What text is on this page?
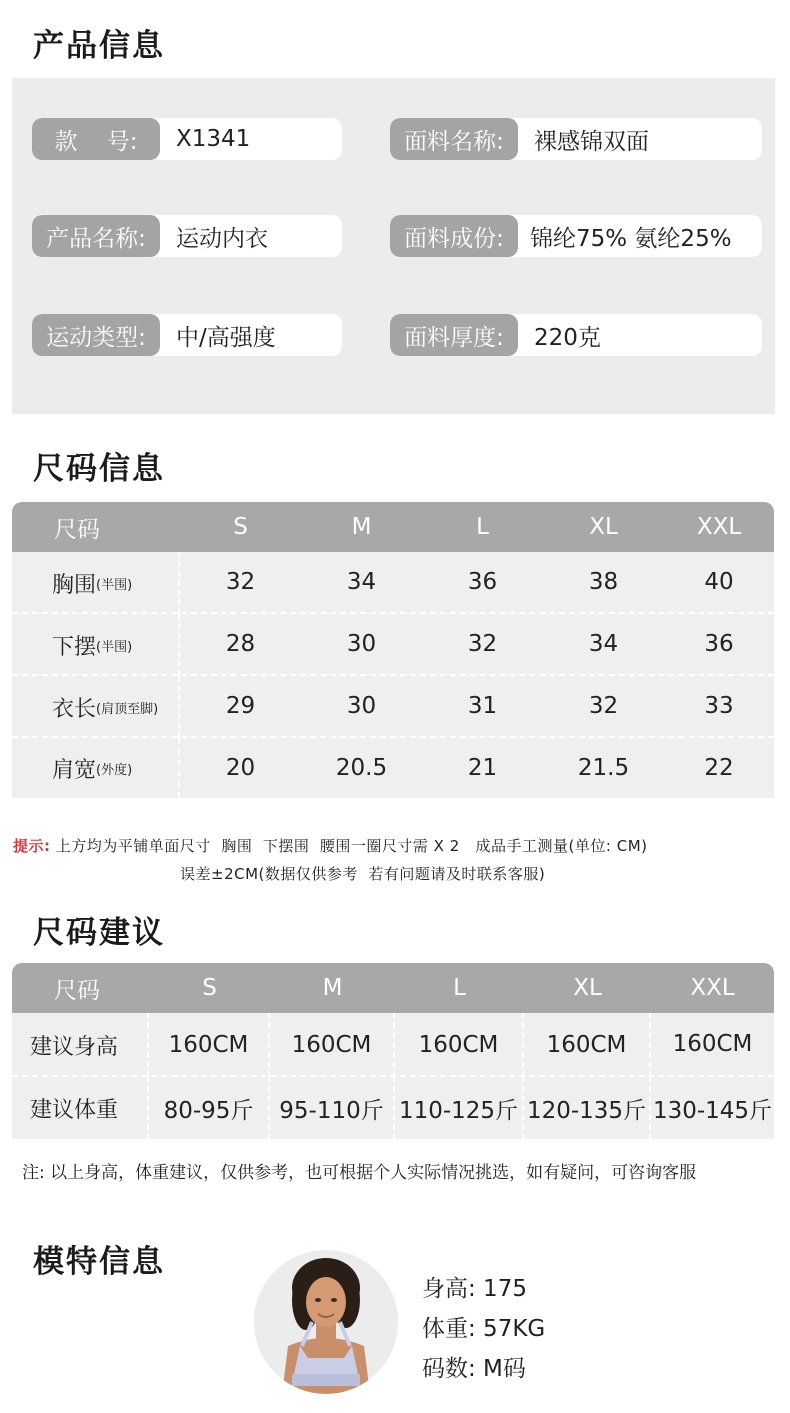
产品信息
款    号:	X1341	面料名称:	裸感锦双面
产品名称:	运动内衣	面料成份:	锦纶75% 氨纶25%
运动类型:	中/高强度	面料厚度:	220克
尺码信息
尺码	S	M	L	XL	XXL
胸围 (半围)	32	34	36	38	40
下摆 (半围)	28	30	32	34	36
衣长 (肩顶至脚)	29	30	31	32	33
肩宽 (外度)	20	20.5	21	21.5	22
提示: 上方均为平铺单面尺寸  胸围  下摆围  腰围一圈尺寸需 X 2   成品手工测量(单位: CM)
误差±2CM(数据仅供参考  若有问题请及时联系客服)
尺码建议
尺码	S	M	L	XL	XXL
建议身高	160CM	160CM	160CM	160CM	160CM
建议体重	80-95斤	95-110斤 110-125斤 120-135斤 130-145斤
注: 以上身高，体重建议，仅供参考，也可根据个人实际情况挑选，如有疑问，可咨询客服
模特信息
身高: 175
体重: 57KG
码数: M码
